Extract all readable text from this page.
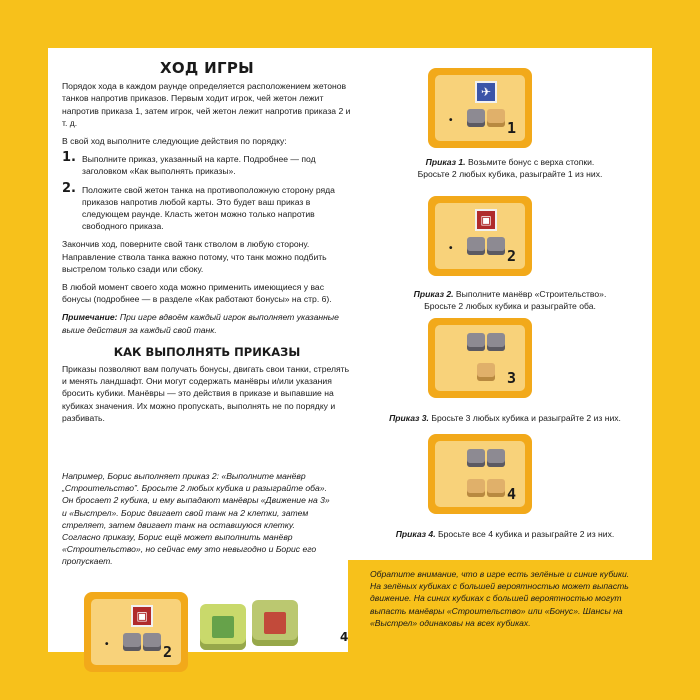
ХОД ИГРЫ

Порядок хода в каждом раунде определяется расположением жетонов танков напротив приказов. Первым ходит игрок, чей жетон лежит напротив приказа 1, затем игрок, чей жетон лежит напротив приказа 2 и т. д.

В свой ход выполните следующие действия по порядку:

1. Выполните приказ, указанный на карте. Подробнее — под заголовком «Как выполнять приказы».
2. Положите свой жетон танка на противоположную сторону ряда приказов напротив любой карты. Это будет ваш приказ в следующем раунде. Класть жетон можно только напротив свободного приказа.

Закончив ход, поверните свой танк стволом в любую сторону. Направление ствола танка важно потому, что танк можно подбить выстрелом только сзади или сбоку.

В любой момент своего хода можно применить имеющиеся у вас бонусы (подробнее — в разделе «Как работают бонусы» на стр. 6).

Примечание: При игре вдвоём каждый игрок выполняет указанные выше действия за каждый свой танк.

КАК ВЫПОЛНЯТЬ ПРИКАЗЫ

Приказы позволяют вам получать бонусы, двигать свои танки, стрелять и менять ландшафт. Они могут содержать манёвры и/или указания бросить кубики. Манёвры — это действия в приказе и выпавшие на кубиках значения. Их можно пропускать, выполнять не по порядку и разбивать.

Например, Борис выполняет приказ 2: «Выполните манёвр „Строительство”. Бросьте 2 любых кубика и разыграйте оба». Он бросает 2 кубика, и ему выпадают манёвры «Движение на 3» и «Выстрел». Борис двигает свой танк на 2 клетки, затем стреляет, затем двигает танк на оставшуюся клетку. Согласно приказу, Борис ещё может выполнить манёвр «Строительство», но сейчас ему это невыгодно и Борис его пропускает.
▣
•	2
✈
•	1
Приказ 1. Возьмите бонус с верха стопки.
Бросьте 2 любых кубика, разыграйте 1 из них.
▣
•	2
Приказ 2. Выполните манёвр «Строительство».
Бросьте 2 любых кубика и разыграйте оба.
3
Приказ 3. Бросьте 3 любых кубика и разыграйте 2 из них.
4
Приказ 4. Бросьте все 4 кубика и разыграйте 2 из них.
Обратите внимание, что в игре есть зелёные и синие кубики. На зелёных кубиках с большей вероятностью может выпасть движение. На синих кубиках с большей вероятностью могут выпасть манёвры «Строительство» или «Бонус». Шансы на «Выстрел» одинаковы на всех кубиках.
4
